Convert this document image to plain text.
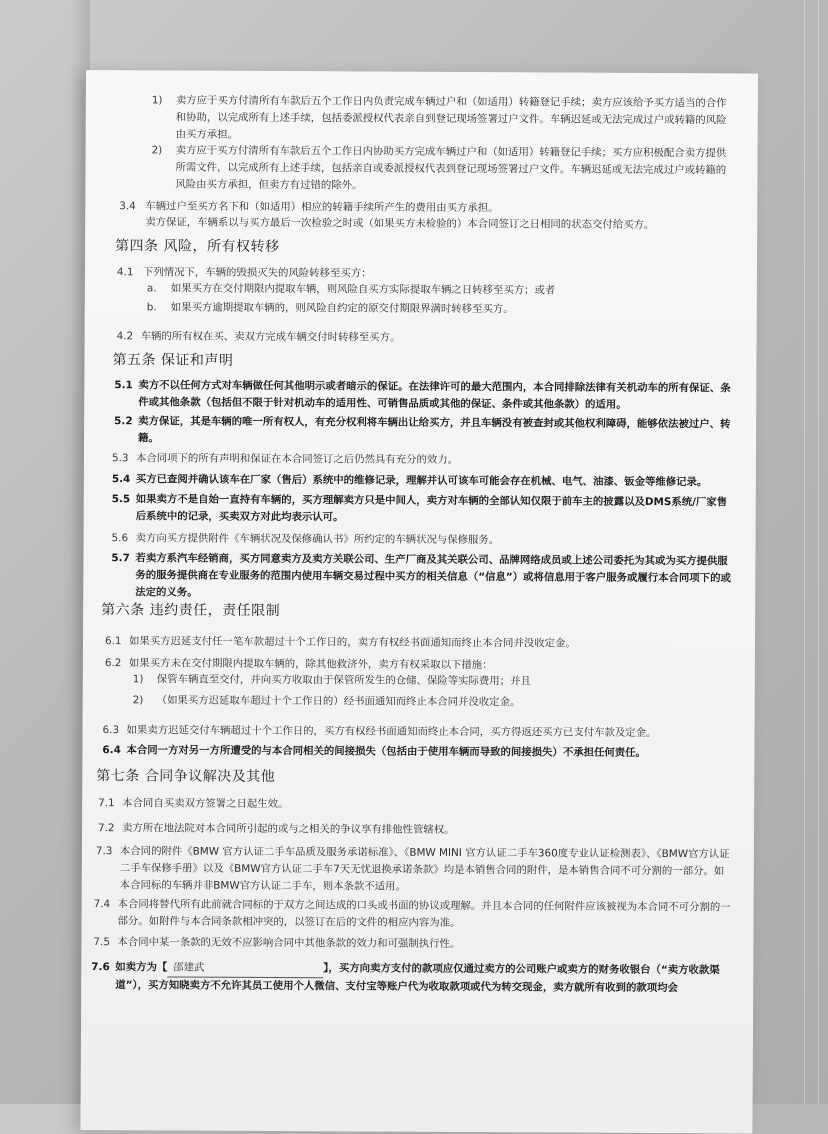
1) 卖方应于买方付清所有车款后五个工作日内负责完成车辆过户和（如适用）转籍登记手续；卖方应该给予买方适当的合作和协助，以完成所有上述手续，包括委派授权代表亲自到登记现场签署过户文件。车辆迟延或无法完成过户或转籍的风险由买方承担。
2) 卖方应于买方付清所有车款后五个工作日内协助买方完成车辆过户和（如适用）转籍登记手续；买方应积极配合卖方提供所需文件，以完成所有上述手续，包括亲自或委派授权代表到登记现场签署过户文件。车辆迟延或无法完成过户或转籍的风险由买方承担，但卖方有过错的除外。
3.4 车辆过户至买方名下和（如适用）相应的转籍手续所产生的费用由买方承担。
卖方保证，车辆系以与买方最后一次检验之时或（如果买方未检验的）本合同签订之日相同的状态交付给买方。
第四条 风险，所有权转移
4.1 下列情况下，车辆的毁损灭失的风险转移至买方：
a. 如果买方在交付期限内提取车辆，则风险自买方实际提取车辆之日转移至买方；或者
b. 如果买方逾期提取车辆的，则风险自约定的原交付期限界满时转移至买方。
4.2 车辆的所有权在买、卖双方完成车辆交付时转移至买方。
第五条 保证和声明
5.1 卖方不以任何方式对车辆做任何其他明示或者暗示的保证。在法律许可的最大范围内，本合同排除法律有关机动车的所有保证、条件或其他条款（包括但不限于针对机动车的适用性、可销售品质或其他的保证、条件或其他条款）的适用。
5.2 卖方保证，其是车辆的唯一所有权人，有充分权利将车辆出让给买方，并且车辆没有被查封或其他权利障碍，能够依法被过户、转籍。
5.3 本合同项下的所有声明和保证在本合同签订之后仍然具有充分的效力。
5.4 买方已查阅并确认该车在厂家（售后）系统中的维修记录，理解并认可该车可能会存在机械、电气、油漆、钣金等维修记录。
5.5 如果卖方不是自始一直持有车辆的，买方理解卖方只是中间人，卖方对车辆的全部认知仅限于前车主的披露以及DMS系统/厂家售后系统中的记录，买卖双方对此均表示认可。
5.6 卖方向买方提供附件《车辆状况及保修确认书》所约定的车辆状况与保修服务。
5.7 若卖方系汽车经销商，买方同意卖方及卖方关联公司、生产厂商及其关联公司、品牌网络成员或上述公司委托为其或为买方提供服务的服务提供商在专业服务的范围内使用车辆交易过程中买方的相关信息（“信息”）或将信息用于客户服务或履行本合同项下的或法定的义务。
第六条 违约责任，责任限制
6.1 如果买方迟延支付任一笔车款超过十个工作日的，卖方有权经书面通知而终止本合同并没收定金。
6.2 如果买方未在交付期限内提取车辆的，除其他救济外，卖方有权采取以下措施：
1) 保管车辆直至交付，并向买方收取由于保管所发生的仓储、保险等实际费用；并且
2) （如果买方迟延取车超过十个工作日的）经书面通知而终止本合同并没收定金。
6.3 如果卖方迟延交付车辆超过十个工作日的，买方有权经书面通知而终止本合同，买方得返还买方已支付车款及定金。
6.4 本合同一方对另一方所遭受的与本合同相关的间接损失（包括由于使用车辆而导致的间接损失）不承担任何责任。
第七条 合同争议解决及其他
7.1 本合同自买卖双方签署之日起生效。
7.2 卖方所在地法院对本合同所引起的或与之相关的争议享有排他性管辖权。
7.3 本合同的附件《BMW 官方认证二手车品质及服务承诺标准》、《BMW MINI 官方认证二手车360度专业认证检测表》、《BMW官方认证二手车保修手册》以及《BMW官方认证二手车7天无忧退换承诺条款》均是本销售合同的附件，是本销售合同不可分割的一部分。如本合同标的车辆并非BMW官方认证二手车，则本条款不适用。
7.4 本合同将替代所有此前就合同标的于双方之间达成的口头或书面的协议或理解。并且本合同的任何附件应该被视为本合同不可分割的一部分。如附件与本合同条款相冲突的，以签订在后的文件的相应内容为准。
7.5 本合同中某一条款的无效不应影响合同中其他条款的效力和可强制执行性。
7.6 如卖方为【 邵建武	】，买方向卖方支付的款项应仅通过卖方的公司账户或卖方的财务收银台（“卖方收款渠道”），买方知晓卖方不允许其员工使用个人微信、支付宝等账户代为收取款项或代为转交现金，卖方就所有收到的款项均会
